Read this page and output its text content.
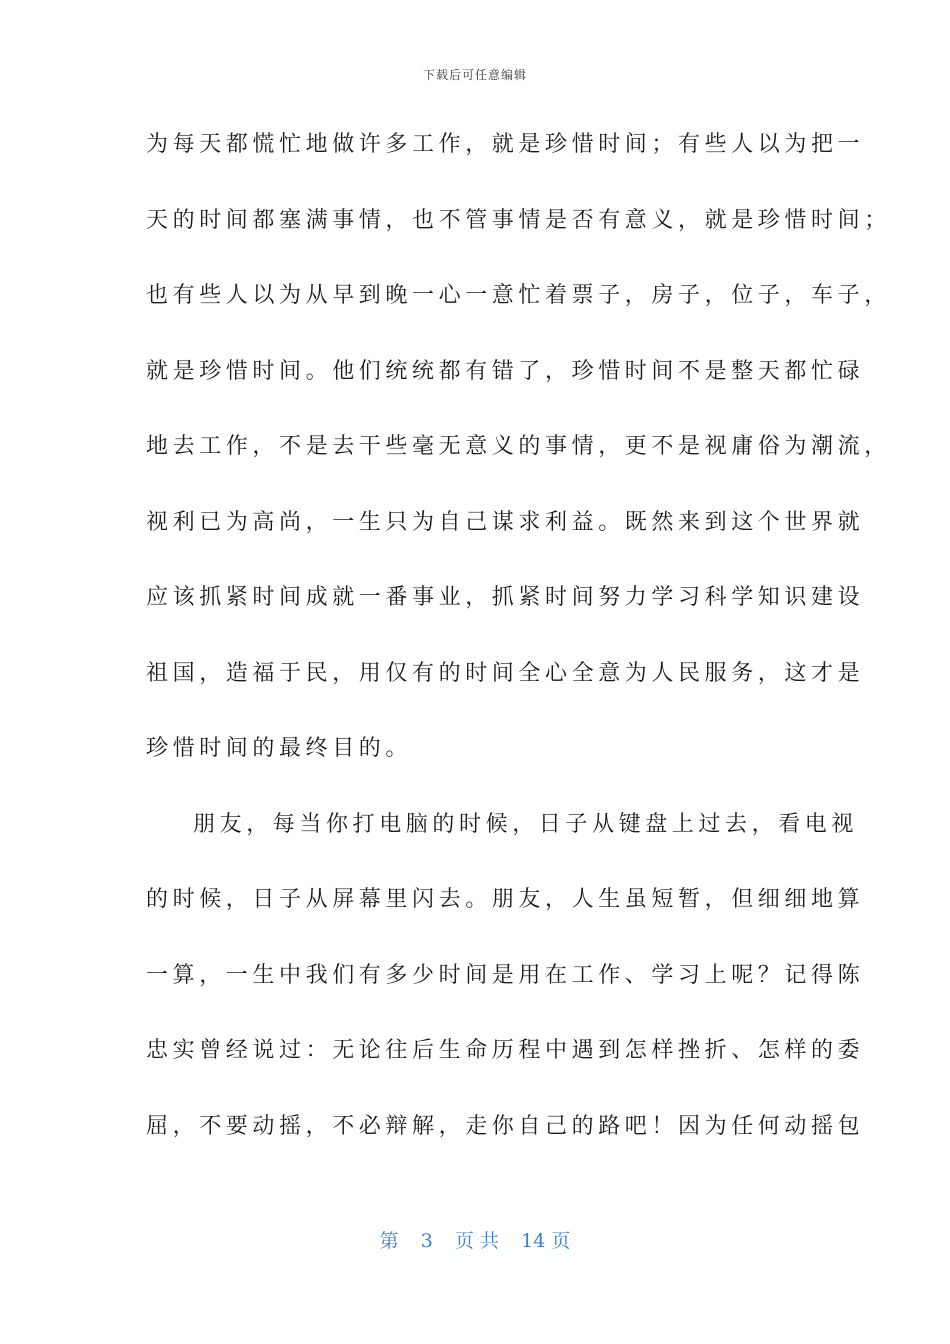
下载后可任意编辑

为每天都慌忙地做许多工作，就是珍惜时间；有些人以为把一

天的时间都塞满事情，也不管事情是否有意义，就是珍惜时间；

也有些人以为从早到晚一心一意忙着票子，房子，位子，车子，

就是珍惜时间。他们统统都有错了，珍惜时间不是整天都忙碌

地去工作，不是去干些毫无意义的事情，更不是视庸俗为潮流，

视利已为高尚，一生只为自己谋求利益。既然来到这个世界就

应该抓紧时间成就一番事业，抓紧时间努力学习科学知识建设

祖国，造福于民，用仅有的时间全心全意为人民服务，这才是

珍惜时间的最终目的。

朋友，每当你打电脑的时候，日子从键盘上过去，看电视

的时候，日子从屏幕里闪去。朋友，人生虽短暂，但细细地算

一算，一生中我们有多少时间是用在工作、学习上呢？记得陈

忠实曾经说过：无论往后生命历程中遇到怎样挫折、怎样的委

屈，不要动摇，不必辩解，走你自己的路吧！因为任何动摇包

第 3 页 共 14 页
